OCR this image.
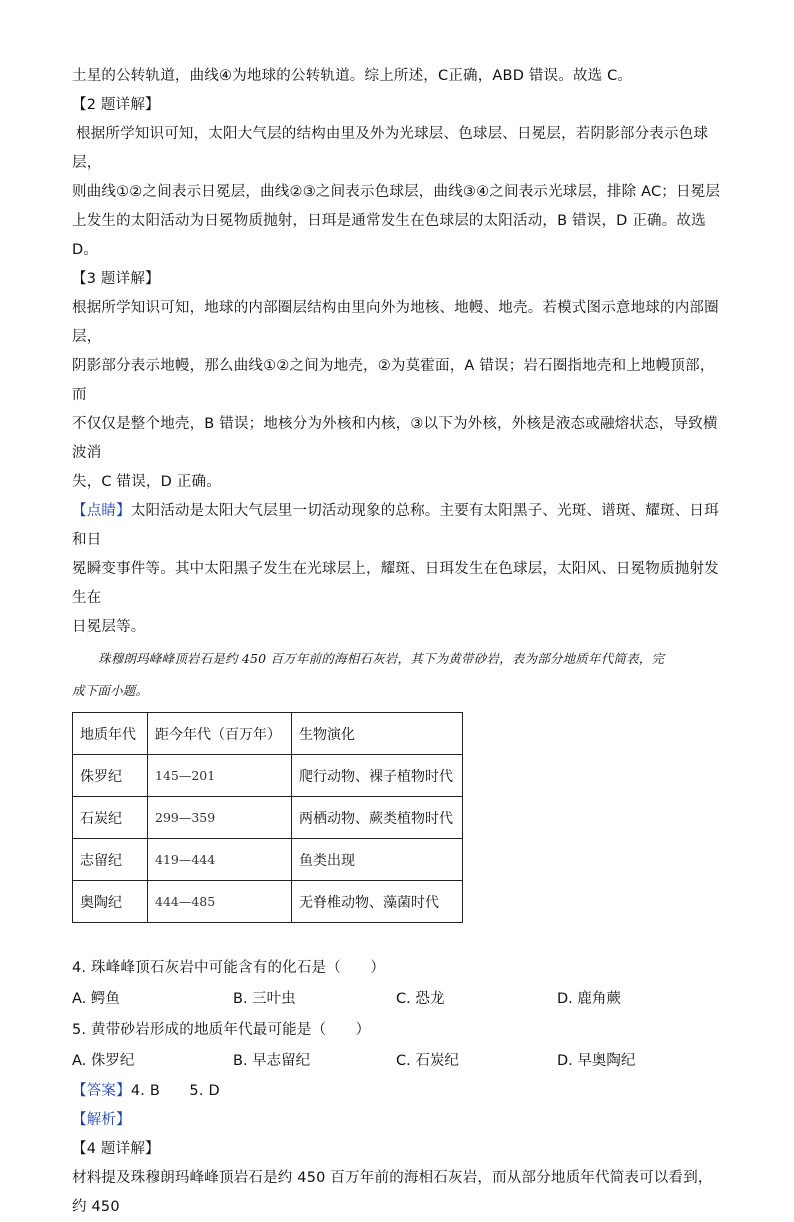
土星的公转轨道，曲线④为地球的公转轨道。综上所述，C正确，ABD 错误。故选 C。

【2 题详解】

根据所学知识可知，太阳大气层的结构由里及外为光球层、色球层、日冕层，若阴影部分表示色球层，

则曲线①②之间表示日冕层，曲线②③之间表示色球层，曲线③④之间表示光球层，排除 AC；日冕层

上发生的太阳活动为日冕物质抛射，日珥是通常发生在色球层的太阳活动，B 错误，D 正确。故选 D。

【3 题详解】

根据所学知识可知，地球的内部圈层结构由里向外为地核、地幔、地壳。若模式图示意地球的内部圈层，

阴影部分表示地幔，那么曲线①②之间为地壳，②为莫霍面，A 错误；岩石圈指地壳和上地幔顶部，而

不仅仅是整个地壳，B 错误；地核分为外核和内核，③以下为外核，外核是液态或融熔状态，导致横波消

失，C 错误，D 正确。

【点睛】太阳活动是太阳大气层里一切活动现象的总称。主要有太阳黑子、光斑、谱斑、耀斑、日珥和日

冕瞬变事件等。其中太阳黑子发生在光球层上，耀斑、日珥发生在色球层，太阳风、日冕物质抛射发生在

日冕层等。

珠穆朗玛峰峰顶岩石是约 450 百万年前的海相石灰岩，其下为黄带砂岩，表为部分地质年代简表，完

成下面小题。

地质年代	距今年代（百万年）	生物演化
侏罗纪	145—201	爬行动物、裸子植物时代
石炭纪	299—359	两栖动物、蕨类植物时代
志留纪	419—444	鱼类出现
奥陶纪	444—485	无脊椎动物、藻菌时代

4. 珠峰峰顶石灰岩中可能含有的化石是（　　）

A. 鳄鱼	B. 三叶虫	C. 恐龙	D. 鹿角蕨

5. 黄带砂岩形成的地质年代最可能是（　　）

A. 侏罗纪	B. 早志留纪	C. 石炭纪	D. 早奥陶纪

【答案】4. B　　5. D

【解析】

【4 题详解】

材料提及珠穆朗玛峰峰顶岩石是约 450 百万年前的海相石灰岩，而从部分地质年代简表可以看到，约 450
